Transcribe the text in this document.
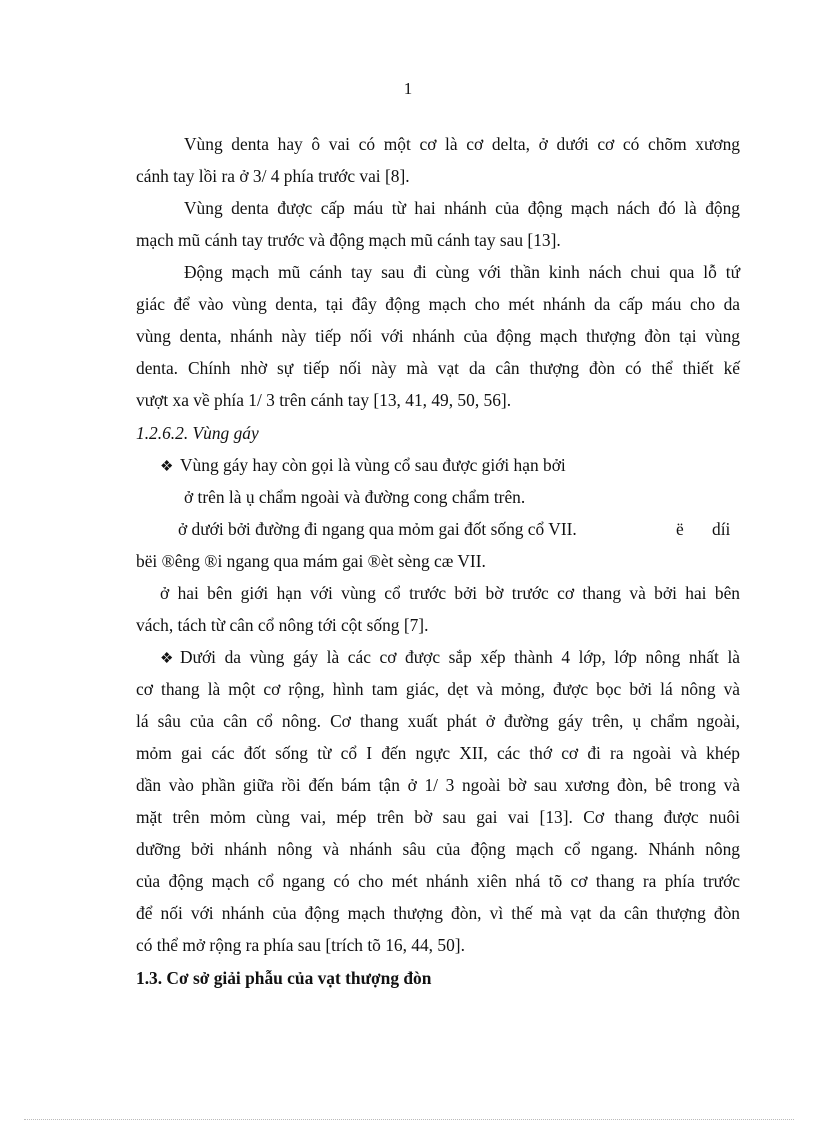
1
Vùng denta hay ô vai có một cơ là cơ delta, ở dưới cơ có chõm xương
cánh tay lồi ra ở 3/ 4 phía trước vai [8].
Vùng denta được cấp máu từ hai nhánh của động mạch nách đó là động
mạch mũ cánh tay trước và động mạch mũ cánh tay sau [13].
Động mạch mũ cánh tay sau đi cùng với thần kinh nách chui qua lỗ tứ
giác để vào vùng denta, tại đây động mạch cho mét nhánh da cấp máu cho da
vùng denta, nhánh này tiếp nối với nhánh của động mạch thượng đòn tại vùng
denta. Chính nhờ sự tiếp nối này mà vạt da cân thượng đòn có thể thiết kế
vượt xa về phía 1/ 3 trên cánh tay [13, 41, 49, 50, 56].
1.2.6.2. Vùng gáy
❖ Vùng gáy hay còn gọi là vùng cổ sau được giới hạn bởi
ở trên là ụ chẩm ngoài và đường cong chẩm trên.
ở dưới bởi đường đi ngang qua mỏm gai đốt sống cổ VII.	ë díi
bëi ®êng ®i ngang qua mám gai ®èt sèng cæ VII.
ở hai bên giới hạn với vùng cổ trước bởi bờ trước cơ thang và bởi hai bên
vách, tách từ cân cổ nông tới cột sống [7].
❖ Dưới da vùng gáy là các cơ được sắp xếp thành 4 lớp, lớp nông nhất là
cơ thang là một cơ rộng, hình tam giác, dẹt và mỏng, được bọc bởi lá nông và
lá sâu của cân cổ nông. Cơ thang xuất phát ở đường gáy trên, ụ chẩm ngoài,
mỏm gai các đốt sống từ cổ I đến ngực XII, các thớ cơ đi ra ngoài và khép
dần vào phần giữa rồi đến bám tận ở 1/ 3 ngoài bờ sau xương đòn, bê trong và
mặt trên mỏm cùng vai, mép trên bờ sau gai vai [13]. Cơ thang được nuôi
dưỡng bởi nhánh nông và nhánh sâu của động mạch cổ ngang. Nhánh nông
của động mạch cổ ngang có cho mét nhánh xiên nhá tõ cơ thang ra phía trước
để nối với nhánh của động mạch thượng đòn, vì thế mà vạt da cân thượng đòn
có thể mở rộng ra phía sau [trích tõ 16, 44, 50].
1.3. Cơ sở giải phẫu của vạt thượng đòn
